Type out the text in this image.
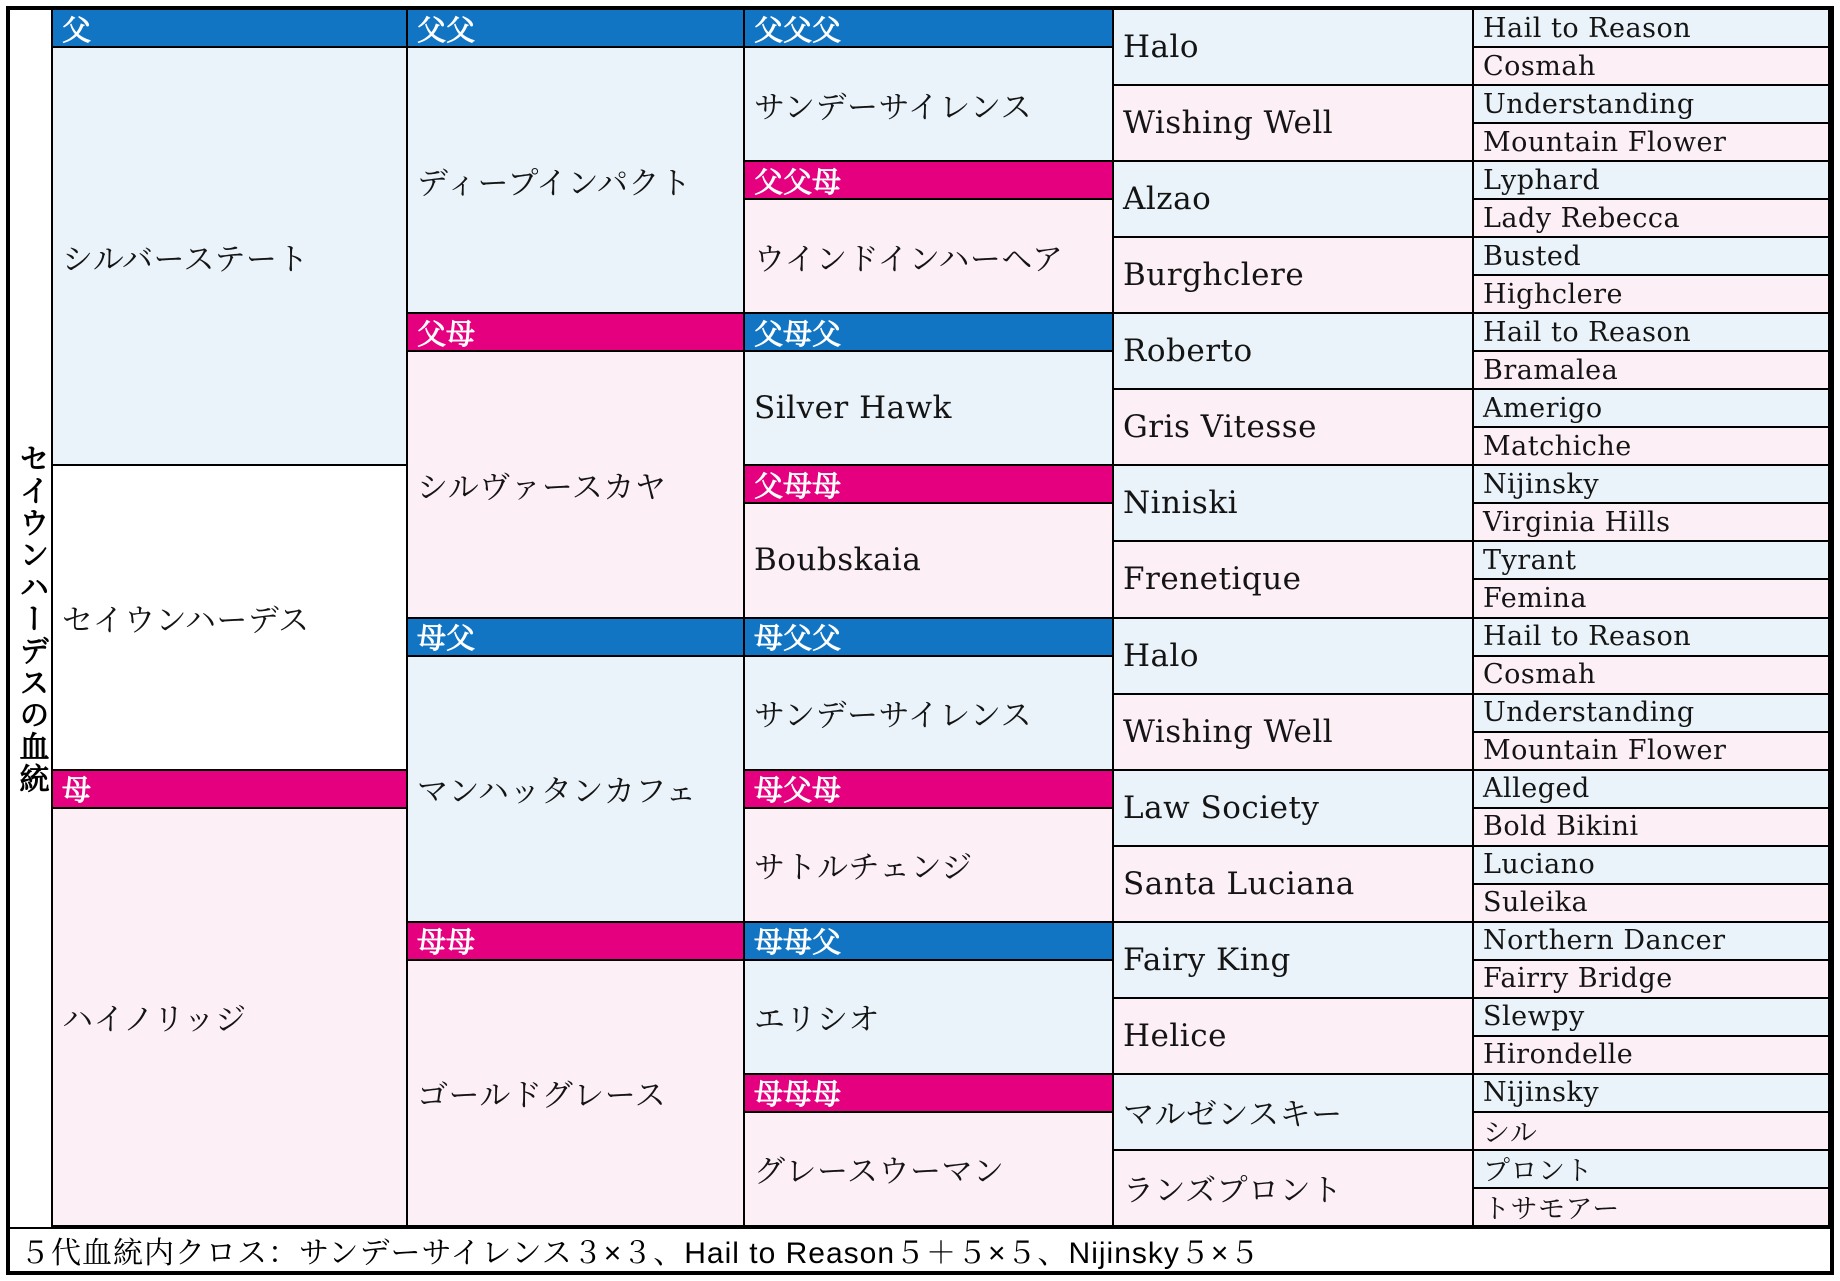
セイウンハーデスの血統
父
シルバーステート
セイウンハーデス
母
ハイノリッジ
父父
ディープインパクト
父母
シルヴァースカヤ
母父
マンハッタンカフェ
母母
ゴールドグレース
父父父
サンデーサイレンス
父父母
ウインドインハーヘア
父母父
Silver Hawk
父母母
Boubskaia
母父父
サンデーサイレンス
母父母
サトルチェンジ
母母父
エリシオ
母母母
グレースウーマン
Halo
Wishing Well
Alzao
Burghclere
Roberto
Gris Vitesse
Niniski
Frenetique
Halo
Wishing Well
Law Society
Santa Luciana
Fairy King
Helice
マルゼンスキー
ランズプロント
Hail to Reason
Cosmah
Understanding
Mountain Flower
Lyphard
Lady Rebecca
Busted
Highclere
Hail to Reason
Bramalea
Amerigo
Matchiche
Nijinsky
Virginia Hills
Tyrant
Femina
Hail to Reason
Cosmah
Understanding
Mountain Flower
Alleged
Bold Bikini
Luciano
Suleika
Northern Dancer
Fairry Bridge
Slewpy
Hirondelle
Nijinsky
シル
プロント
トサモアー
５代血統内クロス：サンデーサイレンス３×３、Hail to Reason５＋５×５、Nijinsky５×５
